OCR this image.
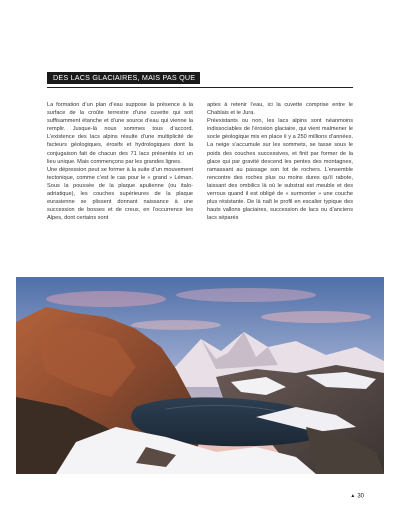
DES LACS GLACIAIRES, MAIS PAS QUE

La formation d’un plan d’eau suppose la présence à la surface de la croûte terrestre d’une cuvette qui soit suffisamment étanche et d’une source d’eau qui vienne la remplir. Jusque-là nous sommes tous d’accord. L’existence des lacs alpins résulte d’une multiplicité de facteurs géologiques, érosifs et hydrologiques dont la conjugaison fait de chacun des 71 lacs présentés ici un lieu unique. Mais commençons par les grandes lignes.

Une dépression peut se former à la suite d’un mouvement tectonique, comme c’est le cas pour le « grand » Léman. Sous la poussée de la plaque apulienne (ou italo-adriatique), les couches supérieures de la plaque eurasienne se plissent donnant naissance à une succession de bosses et de creux, en l’occurrence les Alpes, dont certains sont

aptes à retenir l’eau, ici la cuvette comprise entre le Chablais et le Jura.

Préexistants ou non, les lacs alpins sont néanmoins indissociables de l’érosion glaciaire, qui vient malmener le socle géologique mis en place il y a 250 millions d’années. La neige s’accumule sur les sommets, se tasse sous le poids des couches successives, et finit par former de la glace qui par gravité descend les pentes des montagnes, ramassant au passage son lot de rochers. L’ensemble rencontre des roches plus ou moins dures qu’il rabote, laissant des ombilics là où le substrat est meuble et des verrous quand il est obligé de « surmonter » une couche plus résistante. De là naît le profil en escalier typique des hauts vallons glaciaires, succession de lacs ou d’anciens lacs séparés

▲ 30
